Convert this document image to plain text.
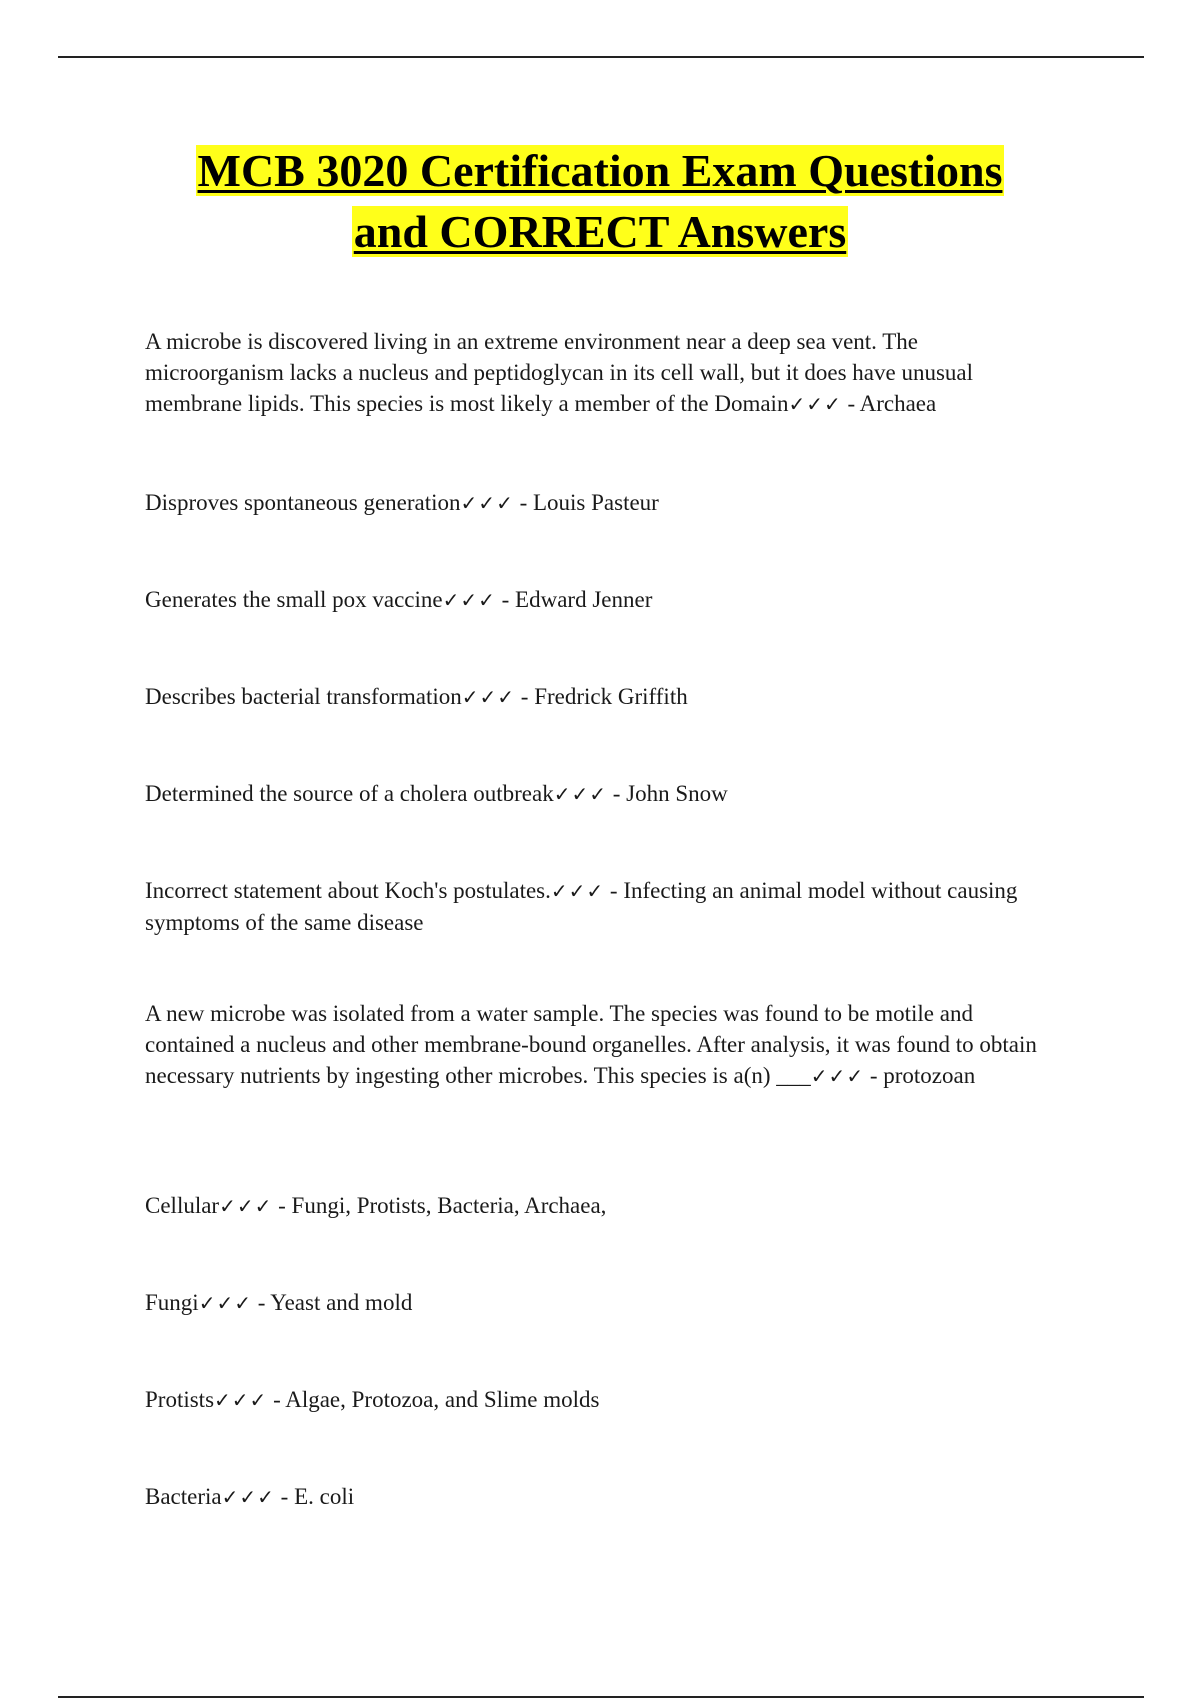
MCB 3020 Certification Exam Questions

and CORRECT Answers

A microbe is discovered living in an extreme environment near a deep sea vent. The microorganism lacks a nucleus and peptidoglycan in its cell wall, but it does have unusual membrane lipids. This species is most likely a member of the Domain✓✓✓ - Archaea

Disproves spontaneous generation✓✓✓ - Louis Pasteur

Generates the small pox vaccine✓✓✓ - Edward Jenner

Describes bacterial transformation✓✓✓ - Fredrick Griffith

Determined the source of a cholera outbreak✓✓✓ - John Snow

Incorrect statement about Koch's postulates.✓✓✓ - Infecting an animal model without causing symptoms of the same disease

A new microbe was isolated from a water sample. The species was found to be motile and contained a nucleus and other membrane-bound organelles. After analysis, it was found to obtain necessary nutrients by ingesting other microbes. This species is a(n) ___✓✓✓ - protozoan

Cellular✓✓✓ - Fungi, Protists, Bacteria, Archaea,

Fungi✓✓✓ - Yeast and mold

Protists✓✓✓ - Algae, Protozoa, and Slime molds

Bacteria✓✓✓ - E. coli
